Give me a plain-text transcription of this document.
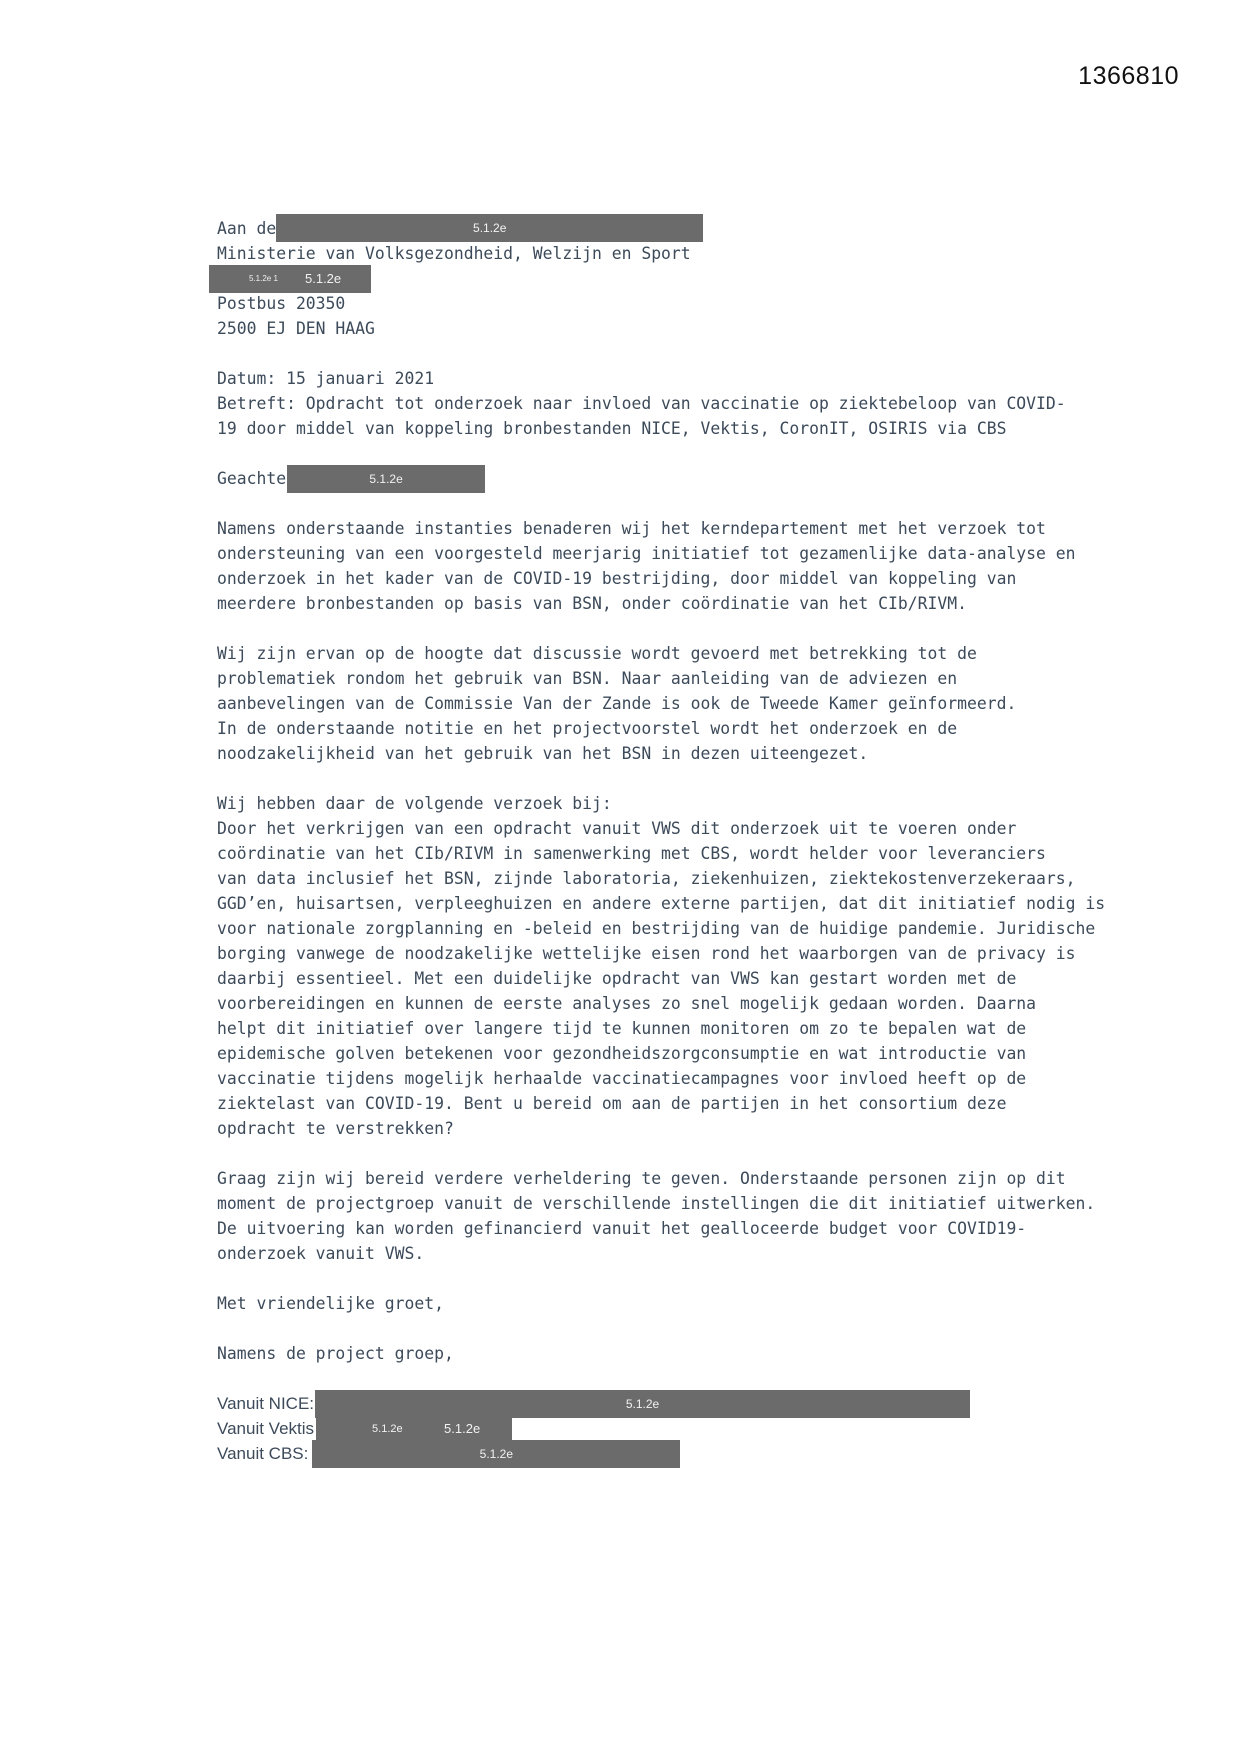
1366810
Aan de	5.1.2e
Ministerie van Volksgezondheid, Welzijn en Sport
5.1.2e 1 5.1.2e
Postbus 20350
2500 EJ DEN HAAG
Datum: 15 januari 2021
Betreft: Opdracht tot onderzoek naar invloed van vaccinatie op ziektebeloop van COVID-
19 door middel van koppeling bronbestanden NICE, Vektis, CoronIT, OSIRIS via CBS
Geachte	5.1.2e

Namens onderstaande instanties benaderen wij het kerndepartement met het verzoek tot

ondersteuning van een voorgesteld meerjarig initiatief tot gezamenlijke data-analyse en

onderzoek in het kader van de COVID-19 bestrijding, door middel van koppeling van

meerdere bronbestanden op basis van BSN, onder coördinatie van het CIb/RIVM.

Wij zijn ervan op de hoogte dat discussie wordt gevoerd met betrekking tot de

problematiek rondom het gebruik van BSN. Naar aanleiding van de adviezen en

aanbevelingen van de Commissie Van der Zande is ook de Tweede Kamer geïnformeerd.

In de onderstaande notitie en het projectvoorstel wordt het onderzoek en de

noodzakelijkheid van het gebruik van het BSN in dezen uiteengezet.

Wij hebben daar de volgende verzoek bij:

Door het verkrijgen van een opdracht vanuit VWS dit onderzoek uit te voeren onder

coördinatie van het CIb/RIVM in samenwerking met CBS, wordt helder voor leveranciers

van data inclusief het BSN, zijnde laboratoria, ziekenhuizen, ziektekostenverzekeraars,

GGD’en, huisartsen, verpleeghuizen en andere externe partijen, dat dit initiatief nodig is

voor nationale zorgplanning en -beleid en bestrijding van de huidige pandemie. Juridische

borging vanwege de noodzakelijke wettelijke eisen rond het waarborgen van de privacy is

daarbij essentieel. Met een duidelijke opdracht van VWS kan gestart worden met de

voorbereidingen en kunnen de eerste analyses zo snel mogelijk gedaan worden. Daarna

helpt dit initiatief over langere tijd te kunnen monitoren om zo te bepalen wat de

epidemische golven betekenen voor gezondheidszorgconsumptie en wat introductie van

vaccinatie tijdens mogelijk herhaalde vaccinatiecampagnes voor invloed heeft op de

ziektelast van COVID-19. Bent u bereid om aan de partijen in het consortium deze

opdracht te verstrekken?

Graag zijn wij bereid verdere verheldering te geven. Onderstaande personen zijn op dit

moment de projectgroep vanuit de verschillende instellingen die dit initiatief uitwerken.

De uitvoering kan worden gefinancierd vanuit het gealloceerde budget voor COVID19-

onderzoek vanuit VWS.

Met vriendelijke groet,

Namens de project groep,

Vanuit NICE:	5.1.2e
Vanuit Vektis	5.1.2e	5.1.2e
Vanuit CBS:	5.1.2e
